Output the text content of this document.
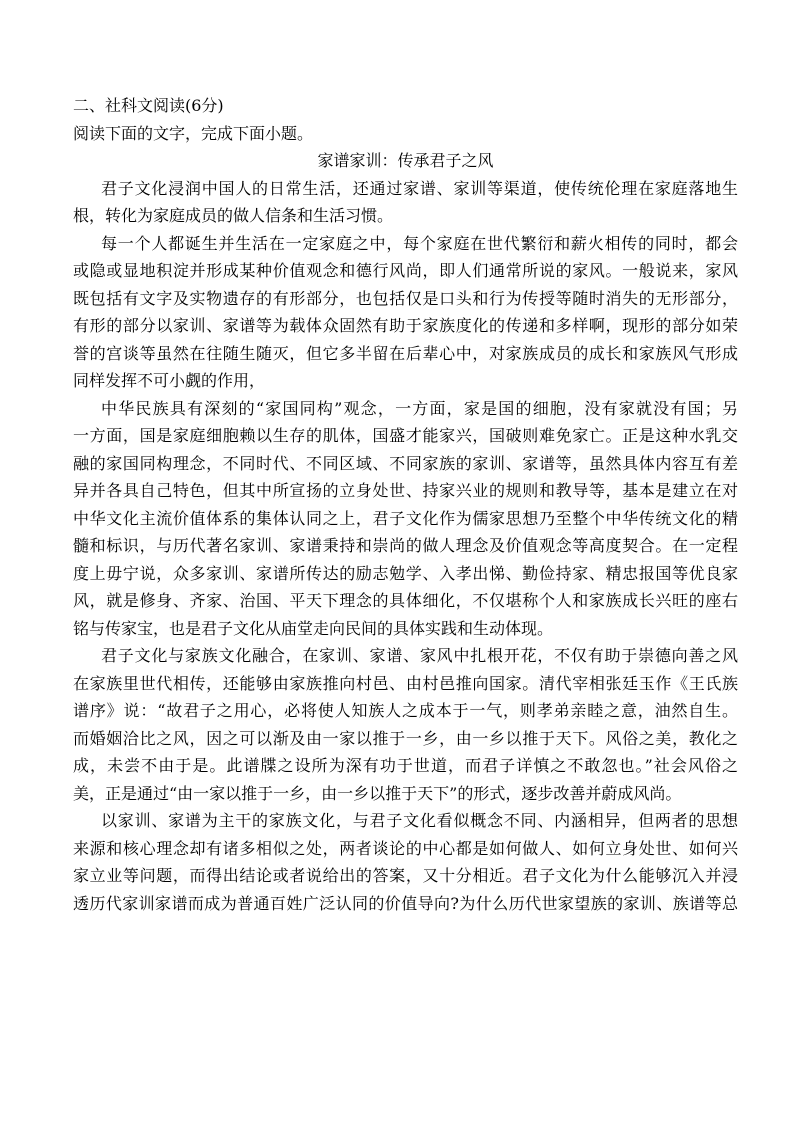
二、社科文阅读(6分)
阅读下面的文字，完成下面小题。
家谱家训：传承君子之风
君子文化浸润中国人的日常生活，还通过家谱、家训等渠道，使传统伦理在家庭落地生
根，转化为家庭成员的做人信条和生活习惯。
每一个人都诞生并生活在一定家庭之中，每个家庭在世代繁衍和薪火相传的同时，都会
或隐或显地积淀并形成某种价值观念和德行风尚，即人们通常所说的家风。一般说来，家风
既包括有文字及实物遗存的有形部分，也包括仅是口头和行为传授等随时消失的无形部分，
有形的部分以家训、家谱等为载体众固然有助于家族度化的传递和多样啊，现形的部分如荣
誉的宫谈等虽然在往随生随灭，但它多半留在后辈心中，对家族成员的成长和家族风气形成
同样发挥不可小觑的作用，
中华民族具有深刻的“家国同构”观念，一方面，家是国的细胞，没有家就没有国；另
一方面，国是家庭细胞赖以生存的肌体，国盛才能家兴，国破则难免家亡。正是这种水乳交
融的家国同构理念，不同时代、不同区域、不同家族的家训、家谱等，虽然具体内容互有差
异并各具自己特色，但其中所宣扬的立身处世、持家兴业的规则和教导等，基本是建立在对
中华文化主流价值体系的集体认同之上，君子文化作为儒家思想乃至整个中华传统文化的精
髓和标识，与历代著名家训、家谱秉持和崇尚的做人理念及价值观念等高度契合。在一定程
度上毋宁说，众多家训、家谱所传达的励志勉学、入孝出悌、勤俭持家、精忠报国等优良家
风，就是修身、齐家、治国、平天下理念的具体细化，不仅堪称个人和家族成长兴旺的座右
铭与传家宝，也是君子文化从庙堂走向民间的具体实践和生动体现。
君子文化与家族文化融合，在家训、家谱、家风中扎根开花，不仅有助于崇德向善之风
在家族里世代相传，还能够由家族推向村邑、由村邑推向国家。清代宰相张廷玉作《王氏族
谱序》说：“故君子之用心，必将使人知族人之成本于一气，则孝弟亲睦之意，油然自生。
而婚姻洽比之风，因之可以渐及由一家以推于一乡，由一乡以推于天下。风俗之美，教化之
成，未尝不由于是。此谱牒之设所为深有功于世道，而君子详慎之不敢忽也。”社会风俗之
美，正是通过“由一家以推于一乡，由一乡以推于天下”的形式，逐步改善并蔚成风尚。
以家训、家谱为主干的家族文化，与君子文化看似概念不同、内涵相异，但两者的思想
来源和核心理念却有诸多相似之处，两者谈论的中心都是如何做人、如何立身处世、如何兴
家立业等问题，而得出结论或者说给出的答案，又十分相近。君子文化为什么能够沉入并浸
透历代家训家谱而成为普通百姓广泛认同的价值导向?为什么历代世家望族的家训、族谱等总
